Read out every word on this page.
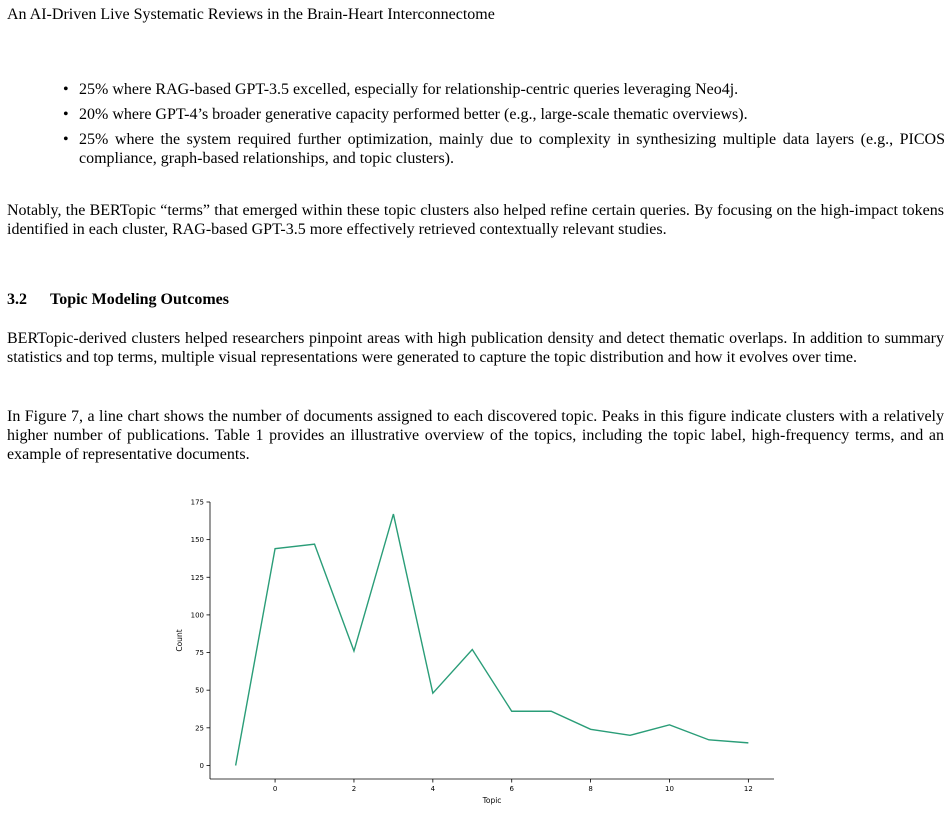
An AI-Driven Live Systematic Reviews in the Brain-Heart Interconnectome
• 25% where RAG-based GPT-3.5 excelled, especially for relationship-centric queries leveraging Neo4j.
• 20% where GPT-4’s broader generative capacity performed better (e.g., large-scale thematic overviews).
• 25% where the system required further optimization, mainly due to complexity in synthesizing multiple data layers (e.g., PICOS compliance, graph-based relationships, and topic clusters).

Notably, the BERTopic “terms” that emerged within these topic clusters also helped refine certain queries. By focusing on the high-impact tokens identified in each cluster, RAG-based GPT-3.5 more effectively retrieved contextually relevant studies.

3.2 Topic Modeling Outcomes

BERTopic-derived clusters helped researchers pinpoint areas with high publication density and detect thematic overlaps. In addition to summary statistics and top terms, multiple visual representations were generated to capture the topic distribution and how it evolves over time.

In Figure 7, a line chart shows the number of documents assigned to each discovered topic. Peaks in this figure indicate clusters with a relatively higher number of publications. Table 1 provides an illustrative overview of the topics, including the topic label, high-frequency terms, and an example of representative documents.

0
25
50
75
100
125
150
175
0	2	4	6	8	10	12
Topic
Count
